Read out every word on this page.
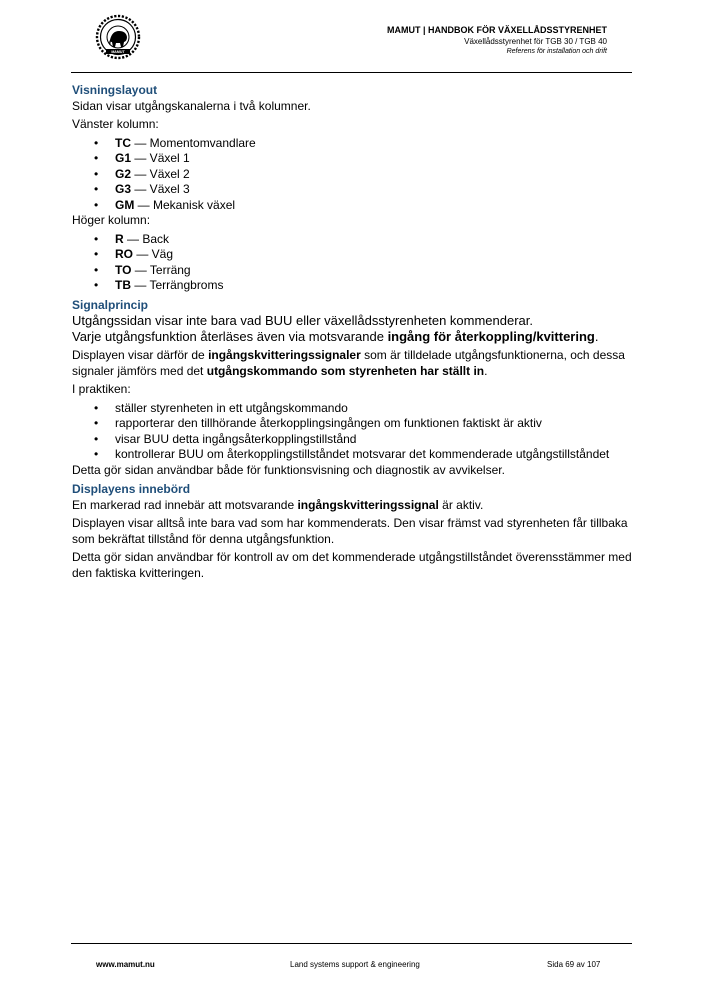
MAMUT
MAMUT | HANDBOK FÖR VÄXELLÅDSSTYRENHET
Växellådsstyrenhet för TGB 30 / TGB 40
Referens för installation och drift
Visningslayout

Sidan visar utgångskanalerna i två kolumner.

Vänster kolumn:

• TC — Momentomvandlare
• G1 — Växel 1
• G2 — Växel 2
• G3 — Växel 3
• GM — Mekanisk växel

Höger kolumn:

• R — Back
• RO — Väg
• TO — Terräng
• TB — Terrängbroms
Signalprincip

Utgångssidan visar inte bara vad BUU eller växellådsstyrenheten kommenderar.

Varje utgångsfunktion återläses även via motsvarande ingång för återkoppling/kvittering.

Displayen visar därför de ingångskvitteringssignaler som är tilldelade utgångsfunktionerna, och dessa signaler jämförs med det utgångskommando som styrenheten har ställt in.

I praktiken:

• ställer styrenheten in ett utgångskommando
• rapporterar den tillhörande återkopplingsingången om funktionen faktiskt är aktiv
• visar BUU detta ingångsåterkopplingstillstånd
• kontrollerar BUU om återkopplingstillståndet motsvarar det kommenderade utgångstillståndet

Detta gör sidan användbar både för funktionsvisning och diagnostik av avvikelser.

Displayens innebörd

En markerad rad innebär att motsvarande ingångskvitteringssignal är aktiv.

Displayen visar alltså inte bara vad som har kommenderats. Den visar främst vad styrenheten får tillbaka som bekräftat tillstånd för denna utgångsfunktion.

Detta gör sidan användbar för kontroll av om det kommenderade utgångstillståndet överensstämmer med den faktiska kvitteringen.

www.mamut.nu	Land systems support & engineering	Sida 69 av 107
